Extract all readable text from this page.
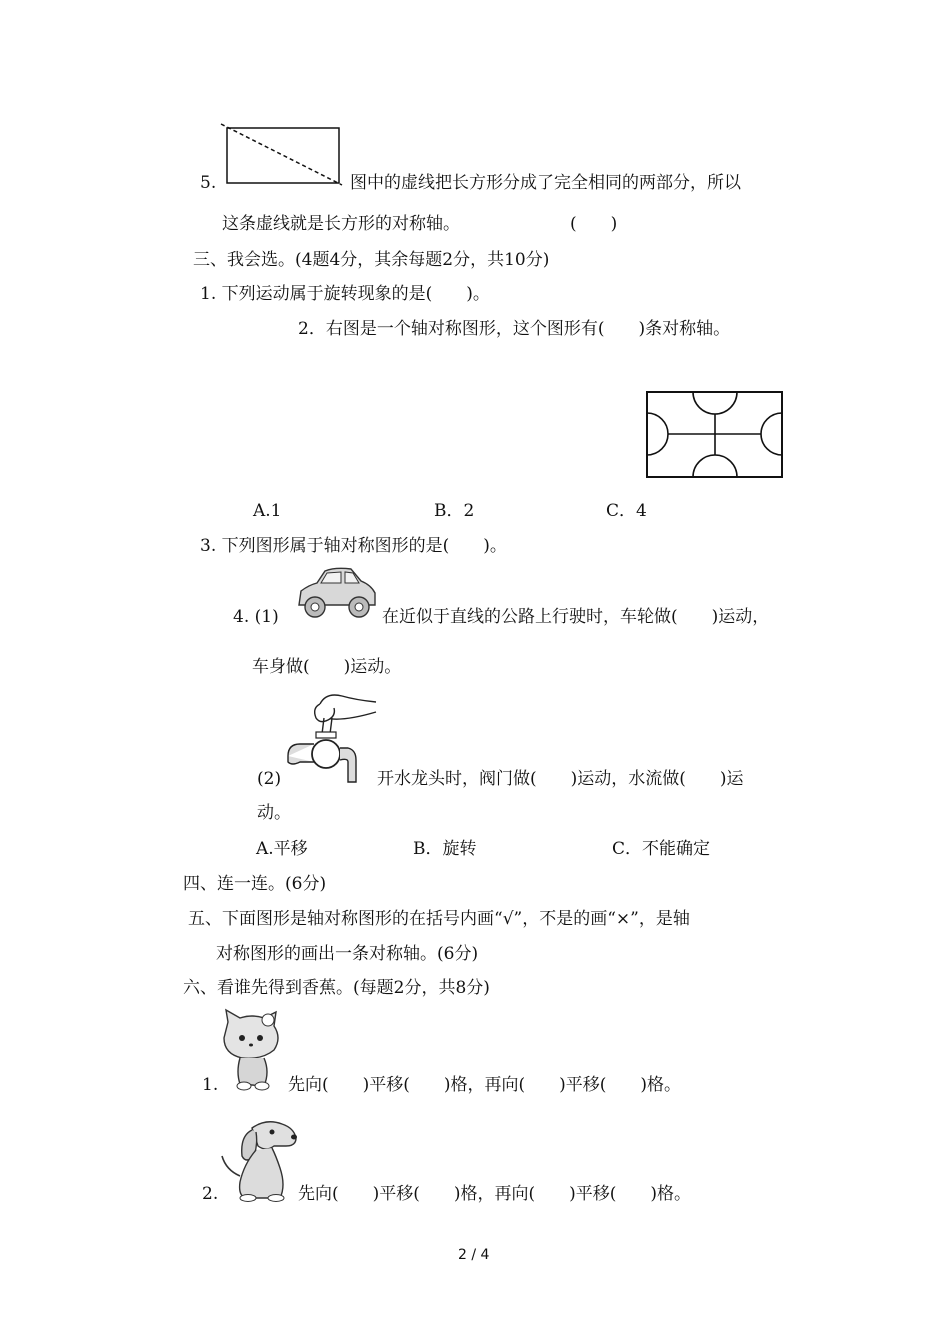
5.	图中的虚线把长方形分成了完全相同的两部分，所以
这条虚线就是长方形的对称轴。	(　　)
三、我会选。(4题4分，其余每题2分，共10分)
1. 下列运动属于旋转现象的是(　　)。
2．右图是一个轴对称图形，这个图形有(　　)条对称轴。
A.1	B．2	C．4
3. 下列图形属于轴对称图形的是(　　)。
4. (1)	在近似于直线的公路上行驶时，车轮做(　　)运动，
车身做(　　)运动。
(2)	开水龙头时，阀门做(　　)运动，水流做(　　)运
动。
A.平移	B．旋转	C．不能确定
四、连一连。(6分)
五、下面图形是轴对称图形的在括号内画“√”，不是的画“×”，是轴
对称图形的画出一条对称轴。(6分)
六、看谁先得到香蕉。(每题2分，共8分)
1.	先向(　　)平移(　　)格，再向(　　)平移(　　)格。
2.	先向(　　)平移(　　)格，再向(　　)平移(　　)格。
2 / 4
